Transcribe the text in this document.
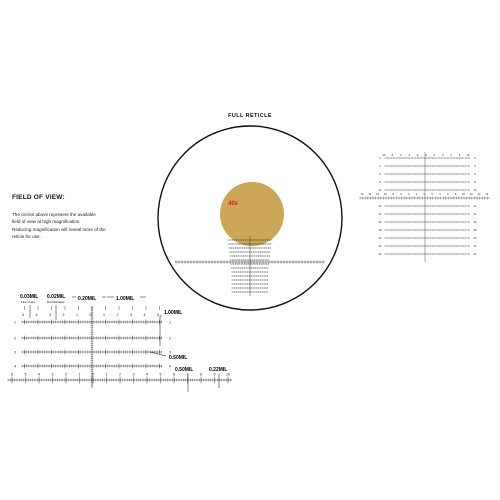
FULL RETICLE
FIELD OF VIEW:
The circles above represent the available
field of view at high magnification.
Reducing magnification will reveal more of the
reticle for use.
40x
2	2
4	4
6	6
8	8
10	10
12	12
14	14
16	16
18	18
20	20
22	22
24	24
10 8	6	4	2	0	2	4	6	8 10
16 14 12 10 8 6 4 2 0 2 4 6 8 10 12 14 16
5	4	3	2	1	0	1	2	3	4	5
1	1
2	2
3	3
4	4
6	5	4	3	2	1	0	1	2	3	4	5	6	7	8	9	10
0.03MIL
Fine Lines
0.02MIL
Dot Diameter	0.20MIL	1.00MIL
1.00MIL
0.50MIL
0.50MIL	0.22MIL
